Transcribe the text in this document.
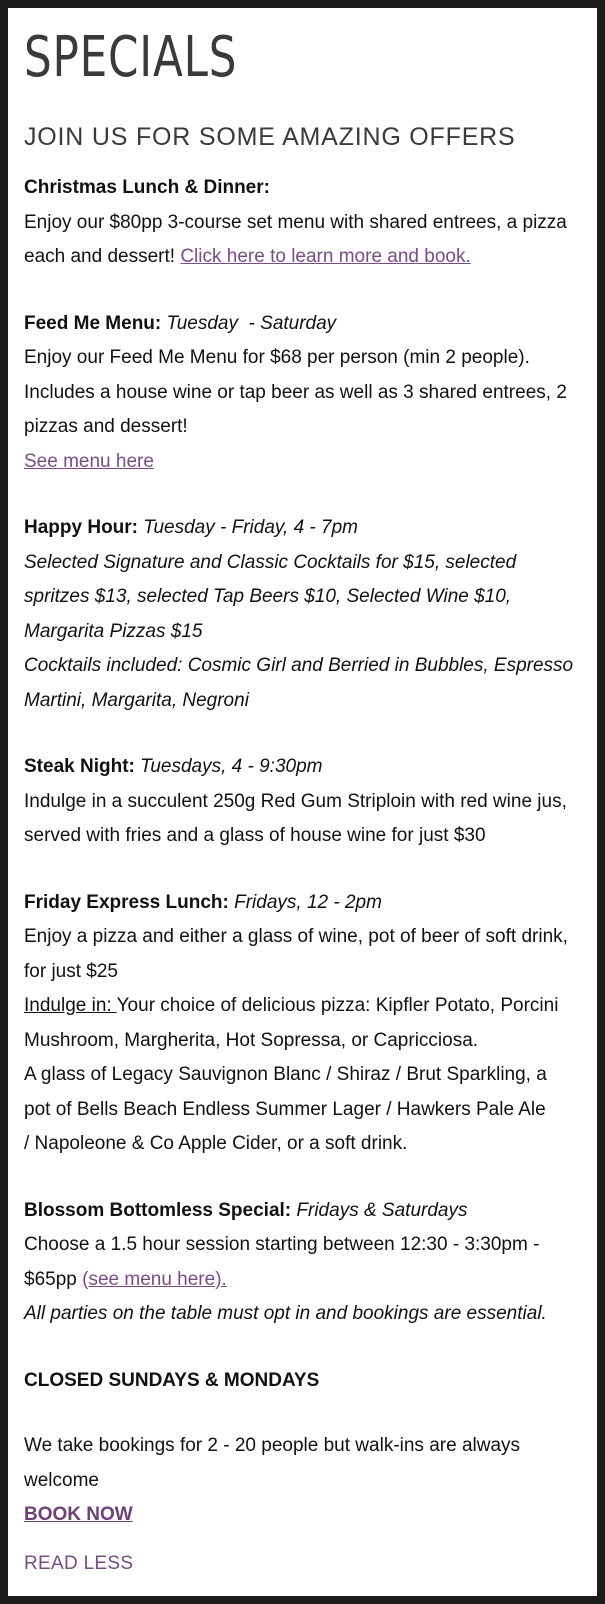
SPECIALS
JOIN US FOR SOME AMAZING OFFERS

Christmas Lunch & Dinner:

Enjoy our $80pp 3-course set menu with shared entrees, a pizza each and dessert! Click here to learn more and book.

Feed Me Menu: Tuesday  - Saturday

Enjoy our Feed Me Menu for $68 per person (min 2 people). Includes a house wine or tap beer as well as 3 shared entrees, 2 pizzas and dessert!

See menu here

Happy Hour: Tuesday - Friday, 4 - 7pm

Selected Signature and Classic Cocktails for $15, selected spritzes $13, selected Tap Beers $10, Selected Wine $10, Margarita Pizzas $15

Cocktails included: Cosmic Girl and Berried in Bubbles, Espresso Martini, Margarita, Negroni

Steak Night: Tuesdays, 4 - 9:30pm

Indulge in a succulent 250g Red Gum Striploin with red wine jus, served with fries and a glass of house wine for just $30

Friday Express Lunch: Fridays, 12 - 2pm

Enjoy a pizza and either a glass of wine, pot of beer of soft drink, for just $25

Indulge in: Your choice of delicious pizza: Kipfler Potato, Porcini Mushroom, Margherita, Hot Sopressa, or Capricciosa.

A glass of Legacy Sauvignon Blanc / Shiraz / Brut Sparkling, a

pot of Bells Beach Endless Summer Lager / Hawkers Pale Ale

/ Napoleone & Co Apple Cider, or a soft drink.

Blossom Bottomless Special: Fridays & Saturdays

Choose a 1.5 hour session starting between 12:30 - 3:30pm - $65pp (see menu here).

All parties on the table must opt in and bookings are essential.

CLOSED SUNDAYS & MONDAYS

We take bookings for 2 - 20 people but walk-ins are always welcome

BOOK NOW

READ LESS
